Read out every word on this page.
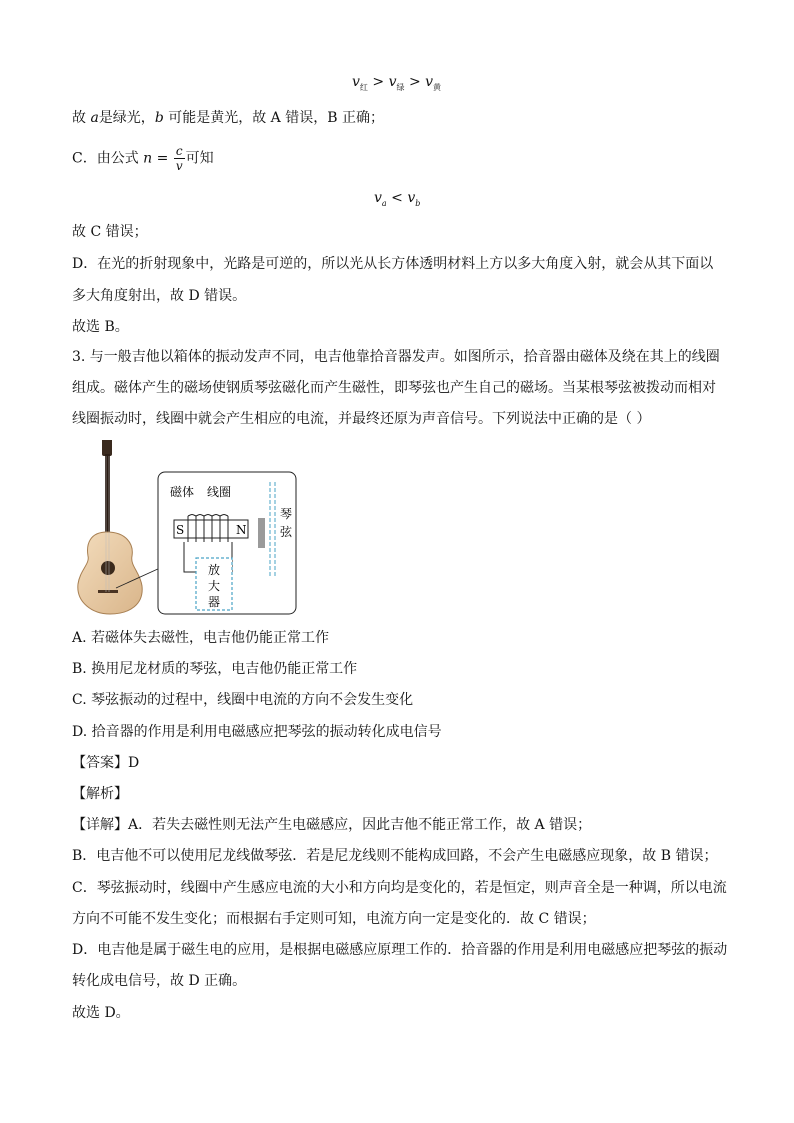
$v_红 > v_绿 > v_黄$
故 a是绿光，b 可能是黄光，故 A 错误，B 正确；
C．由公式 $n = \frac{c}{v}$ 可知
$v_a < v_b$
故 C 错误；
D．在光的折射现象中，光路是可逆的，所以光从长方体透明材料上方以多大角度入射，就会从其下面以
多大角度射出，故 D 错误。
故选 B。
3. 与一般吉他以箱体的振动发声不同，电吉他靠拾音器发声。如图所示，拾音器由磁体及绕在其上的线圈
组成。磁体产生的磁场使钢质琴弦磁化而产生磁性，即琴弦也产生自己的磁场。当某根琴弦被拨动而相对
线圈振动时，线圈中就会产生相应的电流，并最终还原为声音信号。下列说法中正确的是（ ）
磁体 线圈
S	N
琴
弦
放
大
器
A. 若磁体失去磁性，电吉他仍能正常工作
B. 换用尼龙材质的琴弦，电吉他仍能正常工作
C. 琴弦振动的过程中，线圈中电流的方向不会发生变化
D. 拾音器的作用是利用电磁感应把琴弦的振动转化成电信号
【答案】D
【解析】
【详解】A．若失去磁性则无法产生电磁感应，因此吉他不能正常工作，故 A 错误；
B．电吉他不可以使用尼龙线做琴弦．若是尼龙线则不能构成回路，不会产生电磁感应现象，故 B 错误；
C．琴弦振动时，线圈中产生感应电流的大小和方向均是变化的，若是恒定，则声音全是一种调，所以电流
方向不可能不发生变化；而根据右手定则可知，电流方向一定是变化的．故 C 错误；
D．电吉他是属于磁生电的应用，是根据电磁感应原理工作的．拾音器的作用是利用电磁感应把琴弦的振动
转化成电信号，故 D 正确。
故选 D。
